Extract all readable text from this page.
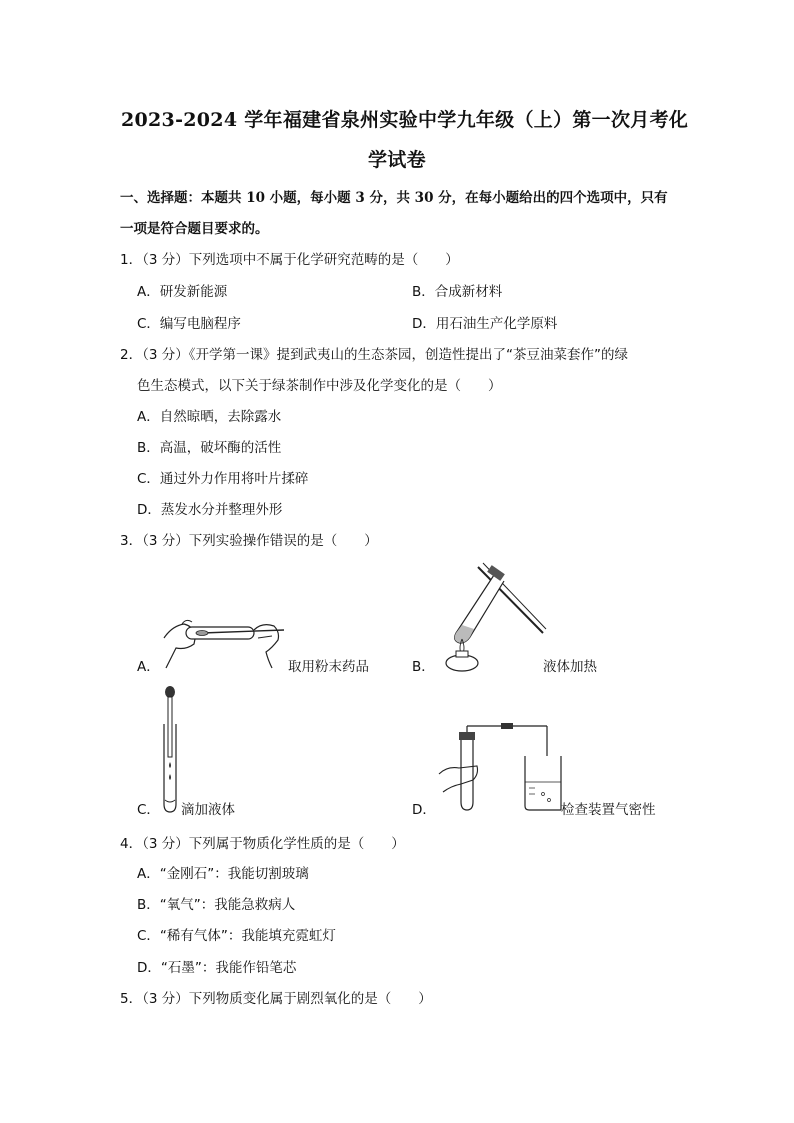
2023-2024 学年福建省泉州实验中学九年级（上）第一次月考化
学试卷
一、选择题：本题共 10 小题，每小题 3 分，共 30 分，在每小题给出的四个选项中，只有
一项是符合题目要求的。
1．（3 分）下列选项中不属于化学研究范畴的是（　　）
A．研发新能源	B．合成新材料
C．编写电脑程序	D．用石油生产化学原料
2．（3 分）《开学第一课》提到武夷山的生态茶园，创造性提出了“茶豆油菜套作”的绿
色生态模式，以下关于绿茶制作中涉及化学变化的是（　　）
A．自然晾晒，去除露水
B．高温，破坏酶的活性
C．通过外力作用将叶片揉碎
D．蒸发水分并整理外形
3．（3 分）下列实验操作错误的是（　　）
A．	取用粉末药品	B．	液体加热
C． 滴加液体	D．	检查装置气密性
4．（3 分）下列属于物质化学性质的是（　　）
A．“金刚石”：我能切割玻璃
B．“氧气”：我能急救病人
C．“稀有气体”：我能填充霓虹灯
D．“石墨”：我能作铅笔芯
5．（3 分）下列物质变化属于剧烈氧化的是（　　）
